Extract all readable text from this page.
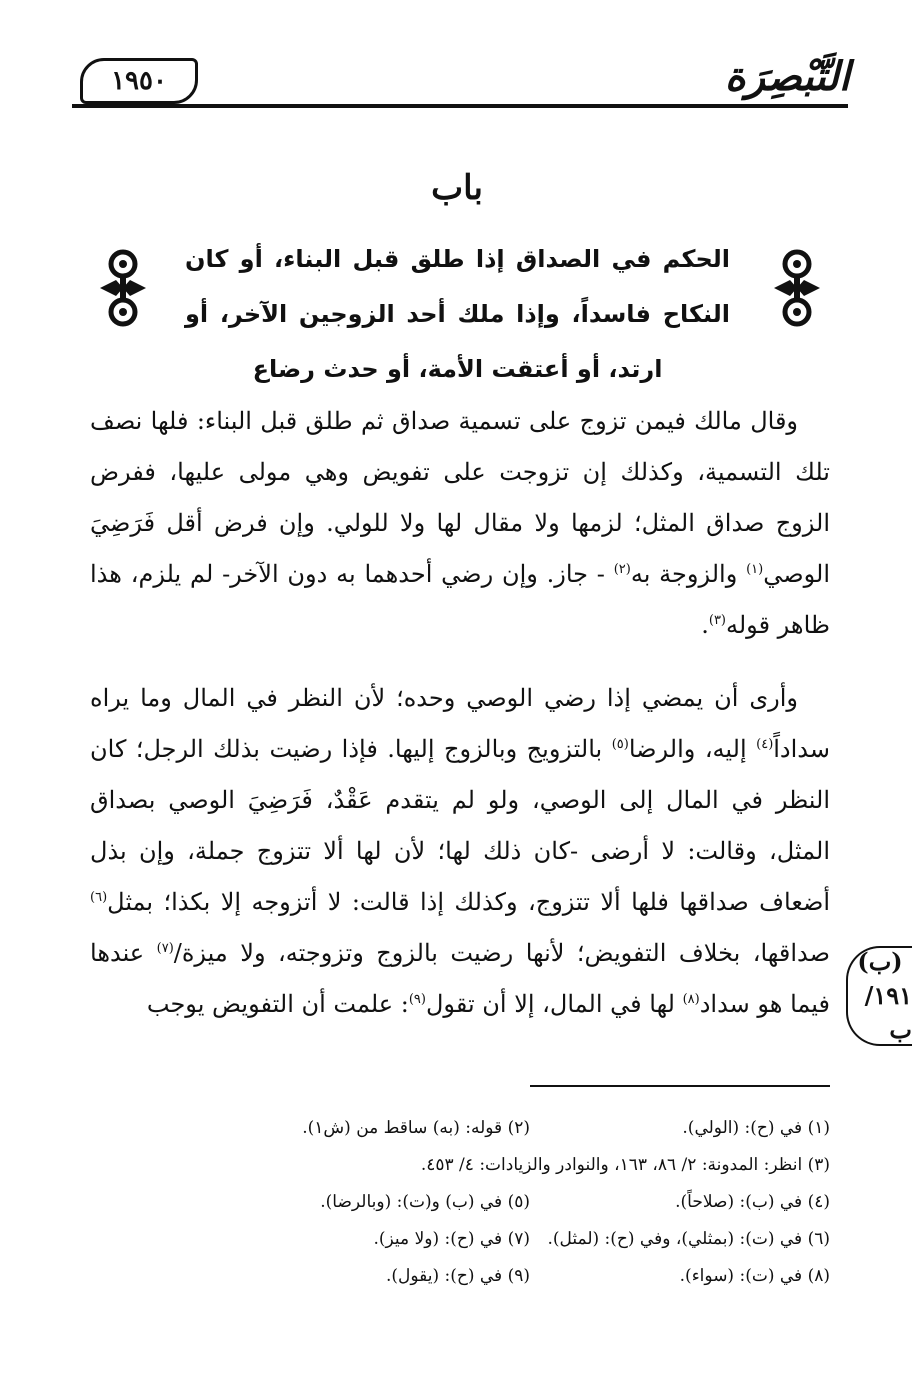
التَّبْصِرَة
١٩٥٠
باب
الحكم في الصداق إذا طلق قبل البناء، أو كان النكاح فاسداً، وإذا ملك أحد الزوجين الآخر، أو ارتد، أو أعتقت الأمة، أو حدث رضاع

وقال مالك فيمن تزوج على تسمية صداق ثم طلق قبل البناء: فلها نصف تلك التسمية، وكذلك إن تزوجت على تفويض وهي مولى عليها، ففرض الزوج صداق المثل؛ لزمها ولا مقال لها ولا للولي. وإن فرض أقل فَرَضِيَ الوصي$^{(١)}$ والزوجة به$^{(٢)}$ - جاز. وإن رضي أحدهما به دون الآخر- لم يلزم، هذا ظاهر قوله$^{(٣)}$.

وأرى أن يمضي إذا رضي الوصي وحده؛ لأن النظر في المال وما يراه سداداً$^{(٤)}$ إليه، والرضا$^{(٥)}$ بالتزويج وبالزوج إليها. فإذا رضيت بذلك الرجل؛ كان النظر في المال إلى الوصي، ولو لم يتقدم عَقْدٌ، فَرَضِيَ الوصي بصداق المثل، وقالت: لا أرضى -كان ذلك لها؛ لأن لها ألا تتزوج جملة، وإن بذل أضعاف صداقها فلها ألا تتزوج، وكذلك إذا قالت: لا أتزوجه إلا بكذا؛ بمثل$^{(٦)}$ صداقها، بخلاف التفويض؛ لأنها رضيت بالزوج وتزوجته، ولا ميزة/$^{(٧)}$ عندها فيما هو سداد$^{(٨)}$ لها في المال، إلا أن تقول$^{(٩)}$: علمت أن التفويض يوجب

(ب)
١٩١/ب
(١) في (ح): (الولي).
(٢) قوله: (به) ساقط من (ش١).
(٣) انظر: المدونة: ٢/ ٨٦، ١٦٣، والنوادر والزيادات: ٤/ ٤٥٣.
(٤) في (ب): (صلاحاً).
(٥) في (ب) و(ت): (وبالرضا).
(٦) في (ت): (بمثلي)، وفي (ح): (لمثل).
(٧) في (ح): (ولا ميز).
(٨) في (ت): (سواء).
(٩) في (ح): (يقول).
